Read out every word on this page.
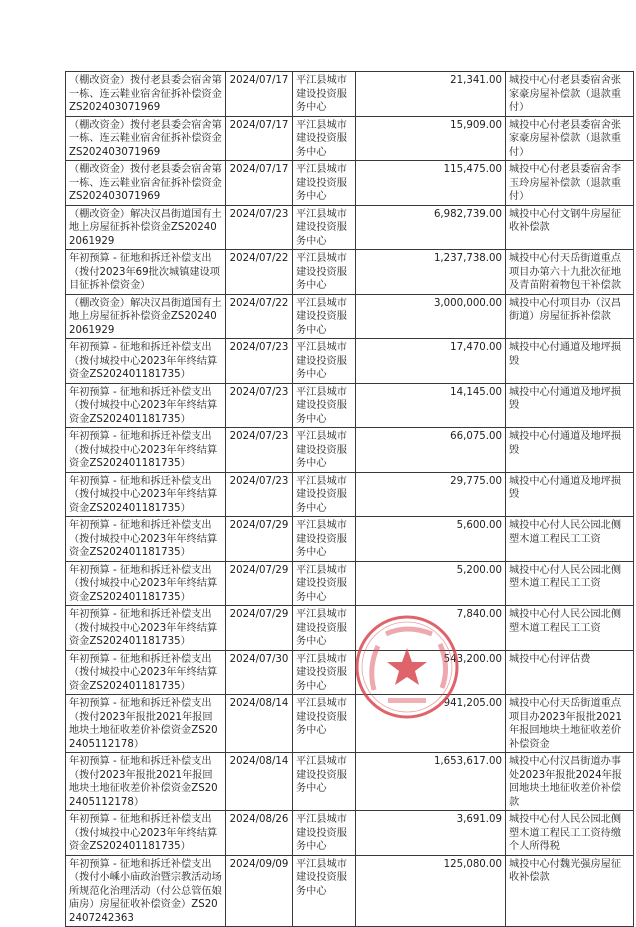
（棚改资金）拨付老县委会宿舍第一栋、连云鞋业宿舍征拆补偿资金ZS202403071969	2024/07/17	平江县城市建设投资服务中心	21,341.00	城投中心付老县委宿舍张家豪房屋补偿款（退款重付）
（棚改资金）拨付老县委会宿舍第一栋、连云鞋业宿舍征拆补偿资金ZS202403071969	2024/07/17	平江县城市建设投资服务中心	15,909.00	城投中心付老县委宿舍张家豪房屋补偿款（退款重付）
（棚改资金）拨付老县委会宿舍第一栋、连云鞋业宿舍征拆补偿资金ZS202403071969	2024/07/17	平江县城市建设投资服务中心	115,475.00	城投中心付老县委宿舍李玉玲房屋补偿款（退款重付）
（棚改资金）解决汉昌街道国有土地上房屋征拆补偿资金ZS202402061929	2024/07/23	平江县城市建设投资服务中心	6,982,739.00	城投中心付文钢牛房屋征收补偿款
年初预算 - 征地和拆迁补偿支出（拨付2023年69批次城镇建设项目征拆补偿资金）	2024/07/22	平江县城市建设投资服务中心	1,237,738.00	城投中心付天岳街道重点项目办第六十九批次征地及青苗附着物包干补偿款
（棚改资金）解决汉昌街道国有土地上房屋征拆补偿资金ZS202402061929	2024/07/22	平江县城市建设投资服务中心	3,000,000.00	城投中心付项目办（汉昌街道）房屋征拆补偿款
年初预算 - 征地和拆迁补偿支出（拨付城投中心2023年年终结算资金ZS202401181735）	2024/07/23	平江县城市建设投资服务中心	17,470.00	城投中心付通道及地坪损毁
年初预算 - 征地和拆迁补偿支出（拨付城投中心2023年年终结算资金ZS202401181735）	2024/07/23	平江县城市建设投资服务中心	14,145.00	城投中心付通道及地坪损毁
年初预算 - 征地和拆迁补偿支出（拨付城投中心2023年年终结算资金ZS202401181735）	2024/07/23	平江县城市建设投资服务中心	66,075.00	城投中心付通道及地坪损毁
年初预算 - 征地和拆迁补偿支出（拨付城投中心2023年年终结算资金ZS202401181735）	2024/07/23	平江县城市建设投资服务中心	29,775.00	城投中心付通道及地坪损毁
年初预算 - 征地和拆迁补偿支出（拨付城投中心2023年年终结算资金ZS202401181735）	2024/07/29	平江县城市建设投资服务中心	5,600.00	城投中心付人民公园北侧塑木道工程民工工资
年初预算 - 征地和拆迁补偿支出（拨付城投中心2023年年终结算资金ZS202401181735）	2024/07/29	平江县城市建设投资服务中心	5,200.00	城投中心付人民公园北侧塑木道工程民工工资
年初预算 - 征地和拆迁补偿支出（拨付城投中心2023年年终结算资金ZS202401181735）	2024/07/29	平江县城市建设投资服务中心	7,840.00	城投中心付人民公园北侧塑木道工程民工工资
年初预算 - 征地和拆迁补偿支出（拨付城投中心2023年年终结算资金ZS202401181735）	2024/07/30	平江县城市建设投资服务中心	543,200.00	城投中心付评估费
年初预算 - 征地和拆迁补偿支出（拨付2023年报批2021年报回地块土地征收差价补偿资金ZS202405112178）	2024/08/14	平江县城市建设投资服务中心	941,205.00	城投中心付天岳街道重点项目办2023年报批2021年报回地块土地征收差价补偿资金
年初预算 - 征地和拆迁补偿支出（拨付2023年报批2021年报回地块土地征收差价补偿资金ZS202405112178）	2024/08/14	平江县城市建设投资服务中心	1,653,617.00	城投中心付汉昌街道办事处2023年报批2024年报回地块土地征收差价补偿款
年初预算 - 征地和拆迁补偿支出（拨付城投中心2023年年终结算资金ZS202401181735）	2024/08/26	平江县城市建设投资服务中心	3,691.09	城投中心付人民公园北侧塑木道工程民工工资待缴个人所得税
年初预算 - 征地和拆迁补偿支出（拨付小嵊小庙政治暨宗教活动场所规范化治理活动（付公总管伍娘庙房）房屋征收补偿资金）ZS202407242363	2024/09/09	平江县城市建设投资服务中心	125,080.00	城投中心付魏光强房屋征收补偿款
